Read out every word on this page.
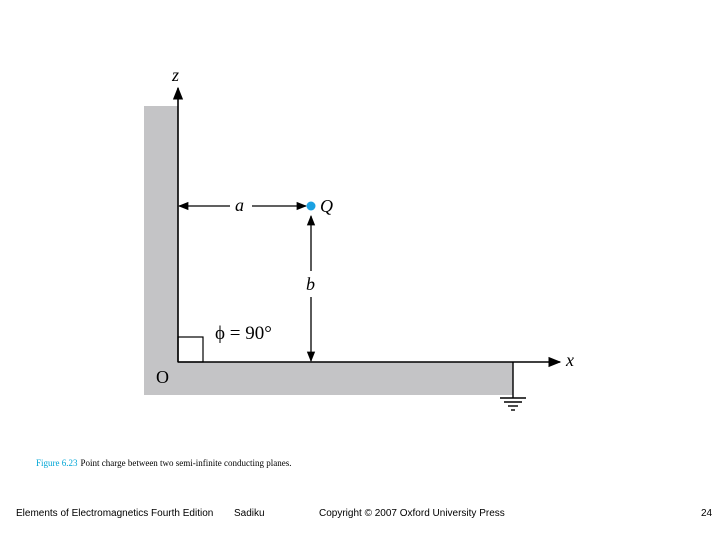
z
x
O
ϕ = 90°
a	Q
b
Figure 6.23 Point charge between two semi-infinite conducting planes.
Elements of Electromagnetics Fourth Edition Sadiku	Copyright © 2007 Oxford University Press	24
